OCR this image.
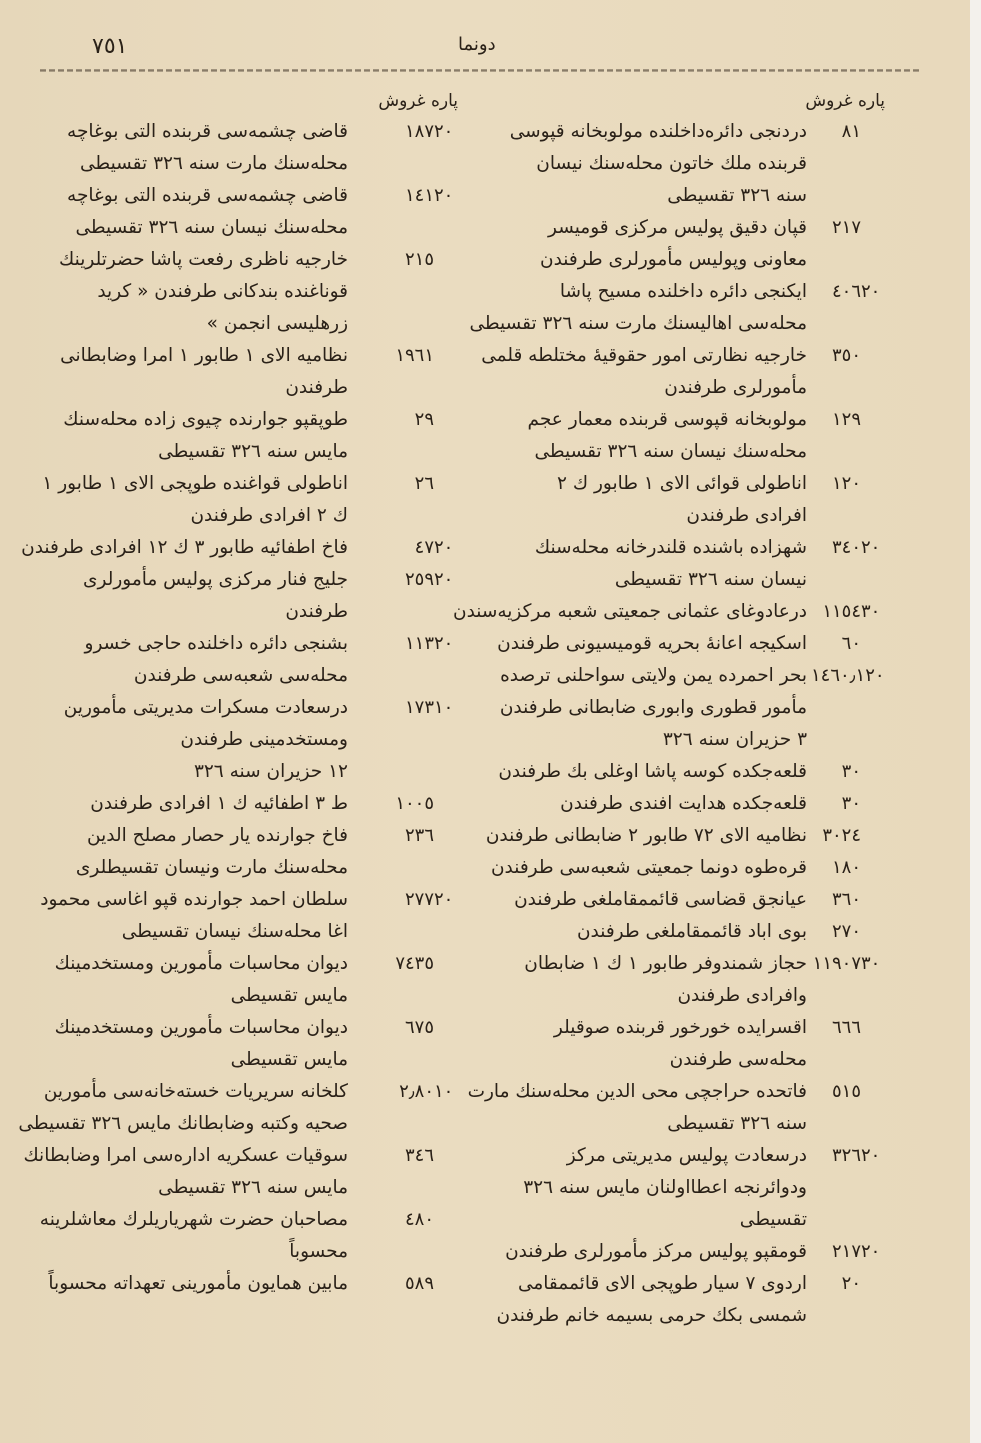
٧٥١	دونما
پاره غروش
٨١
دردنجی دائره‌داخلنده مولوبخانه قپوسی
قربنده ملك خاتون محله‌سنك نیسان
سنه ٣٢٦ تقسیطی
٢١٧
قپان دقیق پولیس مرکزی قومیسر
معاونی وپولیس مأمورلری طرفندن
٤٠٦٢٠
ایکنجی دائره داخلنده مسیح پاشا
محله‌سی اهالیسنك مارت سنه ٣٢٦ تقسیطی
٣٥٠
خارجیه نظارتی امور حقوقیهٔ مختلطه قلمی
مأمورلری طرفندن
١٢٩
مولوبخانه قپوسی قربنده معمار عجم
محله‌سنك نیسان سنه ٣٢٦ تقسیطی
١٢٠
اناطولی قوائی الای ١ طابور ك ٢
افرادی طرفندن
٣٤٠٢٠
شهزاده باشنده قلندرخانه محله‌سنك
نیسان سنه ٣٢٦ تقسیطی
١١٥٤٣٠
درعادوغای عثمانی جمعیتی شعبه مرکزیه‌سندن
٦٠
اسکیجه اعانهٔ بحریه قومیسیونی طرفندن
١٤٦٠٫١٢٠
بحر احمرده یمن ولایتی سواحلنی ترصده
مأمور قطوری وابوری ضابطانی طرفندن
٣ حزیران سنه ٣٢٦
٣٠
قلعه‌جکده کوسه پاشا اوغلی بك طرفندن
٣٠
قلعه‌جکده هدایت افندی طرفندن
٣٠٢٤
نظامیه الای ٧٢ طابور ٢ ضابطانی طرفندن
١٨٠
قره‌طوه دونما جمعیتی شعبه‌سی طرفندن
٣٦٠
عیانجق قضاسی قائممقاملغی طرفندن
٢٧٠
بوی اباد قائممقاملغی طرفندن
١١٩٠٧٣٠
حجاز شمندوفر طابور ١ ك ١ ضابطان
وافرادی طرفندن
٦٦٦
اقسرایده خورخور قربنده صوقیلر
محله‌سی طرفندن
٥١٥
فاتحده حراجچی محی الدین محله‌سنك مارت
سنه ٣٢٦ تقسیطی
٣٢٦٢٠
درسعادت پولیس مدیریتی مرکز
ودوائرنجه اعطااولنان مایس سنه ٣٢٦
تقسیطی
٢١٧٢٠
قومقپو پولیس مرکز مأمورلری طرفندن
٢٠
اردوی ٧ سیار طوپجی الای قائممقامی
شمسی بکك حرمی بسیمه خانم طرفندن
پاره غروش
١٨٧٢٠
قاضی چشمه‌سی قربنده التی بوغاچه
محله‌سنك مارت سنه ٣٢٦ تقسیطی
١٤١٢٠
قاضی چشمه‌سی قربنده التی بوغاچه
محله‌سنك نیسان سنه ٣٢٦ تقسیطی
٢١٥
خارجیه ناظری رفعت پاشا حضرتلرینك
قوناغنده بندکانی طرفندن « کرید
زرهلیسی انجمن »
١٩٦١
نظامیه الای ١ طابور ١ امرا وضابطانی
طرفندن
٢٩
طوپقپو جوارنده چیوی زاده محله‌سنك
مایس سنه ٣٢٦ تقسیطی
٢٦
اناطولی قواغنده طوپجی الای ١ طابور ١
ك ٢ افرادی طرفندن
٤٧٢٠
فاخ اطفائیه طابور ٣ ك ١٢ افرادی طرفندن
٢٥٩٢٠
جلیج فنار مرکزی پولیس مأمورلری
طرفندن
١١٣٢٠
بشنجی دائره داخلنده حاجی خسرو
محله‌سی شعبه‌سی طرفندن
١٧٣١٠
درسعادت مسکرات مدیریتی مأمورین
ومستخدمینی طرفندن
١٢ حزیران سنه ٣٢٦
١٠٠٥
ط ٣ اطفائیه ك ١ افرادی طرفندن
٢٣٦
فاخ جوارنده یار حصار مصلح الدین
محله‌سنك مارت ونیسان تقسیطلری
٢٧٧٢٠
سلطان احمد جوارنده قپو اغاسی محمود
اغا محله‌سنك نیسان تقسیطی
٧٤٣٥
دیوان محاسبات مأمورین ومستخدمینك
مایس تقسیطی
٦٧٥
دیوان محاسبات مأمورین ومستخدمینك
مایس تقسیطی
٢٫٨٠١٠
کلخانه سریریات خسته‌خانه‌سی مأمورین
صحیه وکتبه وضابطانك مایس ٣٢٦ تقسیطی
٣٤٦
سوقیات عسکریه اداره‌سی امرا وضابطانك
مایس سنه ٣٢٦ تقسیطی
٤٨٠
مصاحبان حضرت شهریاریلرك معاشلرینه
محسوباً
٥٨٩
مابین همایون مأمورینی تعهداته محسوباً
